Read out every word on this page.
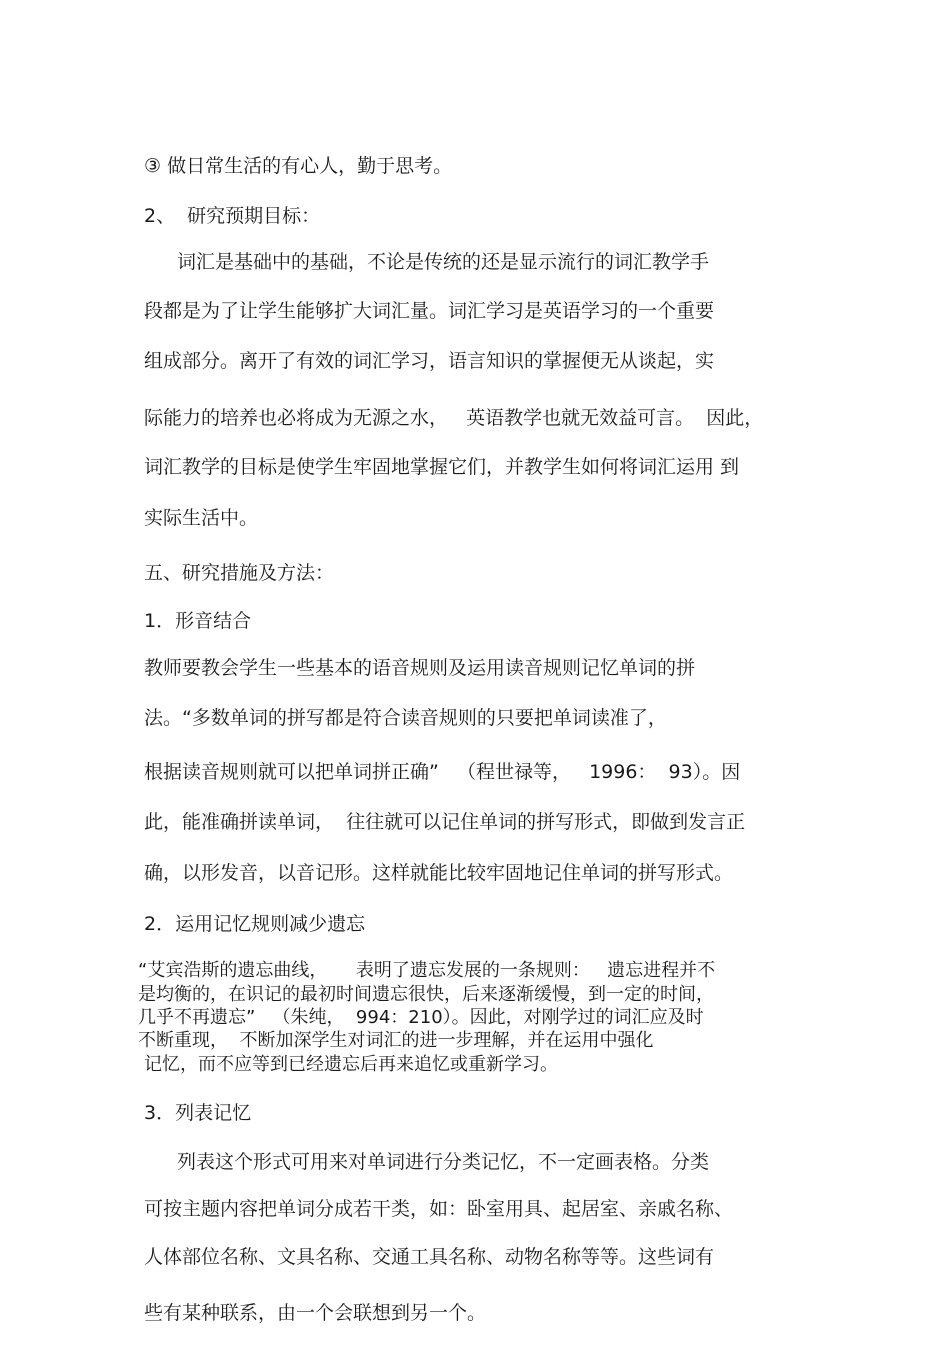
③ 做日常生活的有心人，勤于思考。

2、  研究预期目标：

词汇是基础中的基础，不论是传统的还是显示流行的词汇教学手

段都是为了让学生能够扩大词汇量。词汇学习是英语学习的一个重要

组成部分。离开了有效的词汇学习，语言知识的掌握便无从谈起，实

际能力的培养也必将成为无源之水，   英语教学也就无效益可言。  因此，

词汇教学的目标是使学生牢固地掌握它们，并教学生如何将词汇运用 到

实际生活中。

五、研究措施及方法：

1．形音结合

教师要教会学生一些基本的语音规则及运用读音规则记忆单词的拼

法。“多数单词的拼写都是符合读音规则的只要把单词读准了，

根据读音规则就可以把单词拼正确”   （程世禄等，   1996：  93）。因

此，能准确拼读单词，  往往就可以记住单词的拼写形式，即做到发言正

确，以形发音，以音记形。这样就能比较牢固地记住单词的拼写形式。

2．运用记忆规则减少遗忘

“艾宾浩斯的遗忘曲线，     表明了遗忘发展的一条规则：   遗忘进程并不

是均衡的，在识记的最初时间遗忘很快，后来逐渐缓慢，到一定的时间，

几乎不再遗忘”   （朱纯，  994：210）。因此，对刚学过的词汇应及时

不断重现，  不断加深学生对词汇的进一步理解，并在运用中强化

记忆，而不应等到已经遗忘后再来追忆或重新学习。

3．列表记忆

列表这个形式可用来对单词进行分类记忆，不一定画表格。分类

可按主题内容把单词分成若干类，如：卧室用具、起居室、亲戚名称、

人体部位名称、文具名称、交通工具名称、动物名称等等。这些词有

些有某种联系，由一个会联想到另一个。
